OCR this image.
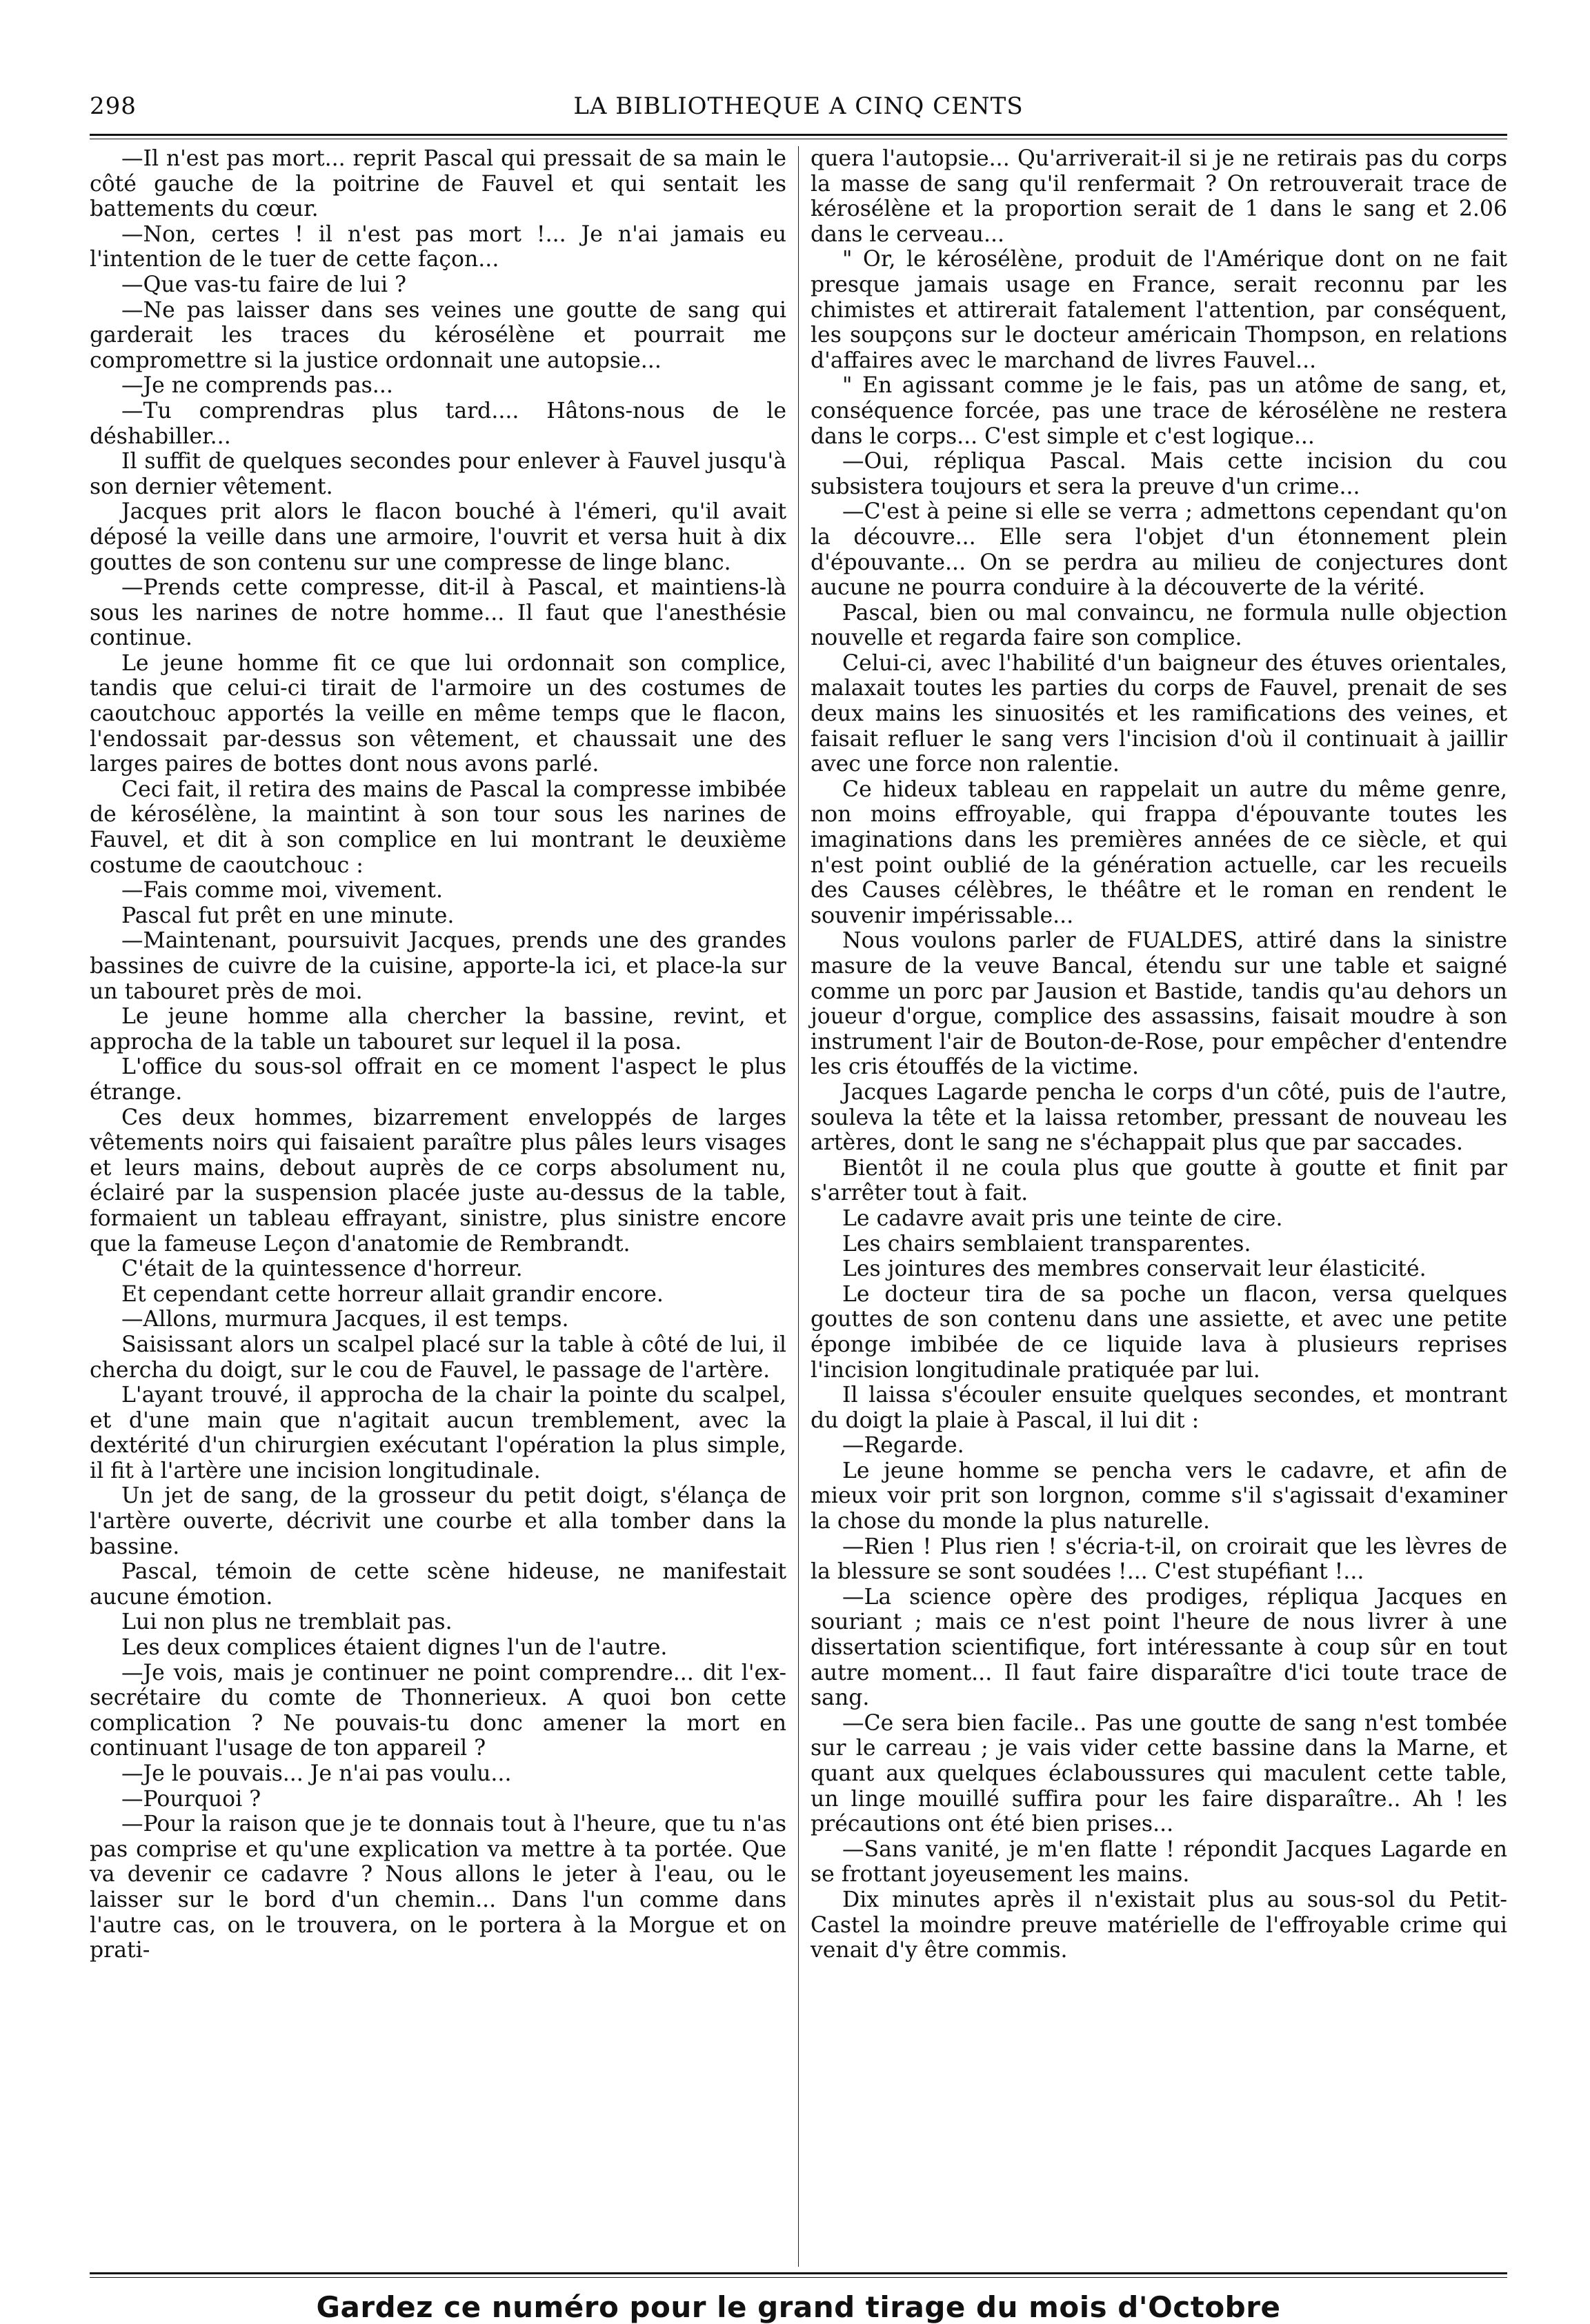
298	LA BIBLIOTHEQUE A CINQ CENTS

—Il n'est pas mort... reprit Pascal qui pressait de sa main le côté gauche de la poitrine de Fauvel et qui sentait les battements du cœur.

—Non, certes ! il n'est pas mort !... Je n'ai jamais eu l'intention de le tuer de cette façon...

—Que vas-tu faire de lui ?

—Ne pas laisser dans ses veines une goutte de sang qui garderait les traces du kérosélène et pourrait me compromettre si la justice ordonnait une autopsie...

—Je ne comprends pas...

—Tu comprendras plus tard.... Hâtons-nous de le déshabiller...

Il suffit de quelques secondes pour enlever à Fauvel jusqu'à son dernier vêtement.

Jacques prit alors le flacon bouché à l'émeri, qu'il avait déposé la veille dans une armoire, l'ouvrit et versa huit à dix gouttes de son contenu sur une compresse de linge blanc.

—Prends cette compresse, dit-il à Pascal, et maintiens-là sous les narines de notre homme... Il faut que l'anesthésie continue.

Le jeune homme fit ce que lui ordonnait son complice, tandis que celui-ci tirait de l'armoire un des costumes de caoutchouc apportés la veille en même temps que le flacon, l'endossait par-dessus son vêtement, et chaussait une des larges paires de bottes dont nous avons parlé.

Ceci fait, il retira des mains de Pascal la compresse imbibée de kérosélène, la maintint à son tour sous les narines de Fauvel, et dit à son complice en lui montrant le deuxième costume de caoutchouc :

—Fais comme moi, vivement.

Pascal fut prêt en une minute.

—Maintenant, poursuivit Jacques, prends une des grandes bassines de cuivre de la cuisine, apporte-la ici, et place-la sur un tabouret près de moi.

Le jeune homme alla chercher la bassine, revint, et approcha de la table un tabouret sur lequel il la posa.

L'office du sous-sol offrait en ce moment l'aspect le plus étrange.

Ces deux hommes, bizarrement enveloppés de larges vêtements noirs qui faisaient paraître plus pâles leurs visages et leurs mains, debout auprès de ce corps absolument nu, éclairé par la suspension placée juste au-dessus de la table, formaient un tableau effrayant, sinistre, plus sinistre encore que la fameuse Leçon d'anatomie de Rembrandt.

C'était de la quintessence d'horreur.

Et cependant cette horreur allait grandir encore.

—Allons, murmura Jacques, il est temps.

Saisissant alors un scalpel placé sur la table à côté de lui, il chercha du doigt, sur le cou de Fauvel, le passage de l'artère.

L'ayant trouvé, il approcha de la chair la pointe du scalpel, et d'une main que n'agitait aucun tremblement, avec la dextérité d'un chirurgien exécutant l'opération la plus simple, il fit à l'artère une incision longitudinale.

Un jet de sang, de la grosseur du petit doigt, s'élança de l'artère ouverte, décrivit une courbe et alla tomber dans la bassine.

Pascal, témoin de cette scène hideuse, ne manifestait aucune émotion.

Lui non plus ne tremblait pas.

Les deux complices étaient dignes l'un de l'autre.

—Je vois, mais je continuer ne point comprendre... dit l'ex-secrétaire du comte de Thonnerieux. A quoi bon cette complication ? Ne pouvais-tu donc amener la mort en continuant l'usage de ton appareil ?

—Je le pouvais... Je n'ai pas voulu...

—Pourquoi ?

—Pour la raison que je te donnais tout à l'heure, que tu n'as pas comprise et qu'une explication va mettre à ta portée. Que va devenir ce cadavre ? Nous allons le jeter à l'eau, ou le laisser sur le bord d'un chemin... Dans l'un comme dans l'autre cas, on le trouvera, on le portera à la Morgue et on prati-

quera l'autopsie... Qu'arriverait-il si je ne retirais pas du corps la masse de sang qu'il renfermait ? On retrouverait trace de kérosélène et la proportion serait de 1 dans le sang et 2.06 dans le cerveau...

" Or, le kérosélène, produit de l'Amérique dont on ne fait presque jamais usage en France, serait reconnu par les chimistes et attirerait fatalement l'attention, par conséquent, les soupçons sur le docteur américain Thompson, en relations d'affaires avec le marchand de livres Fauvel...

" En agissant comme je le fais, pas un atôme de sang, et, conséquence forcée, pas une trace de kérosélène ne restera dans le corps... C'est simple et c'est logique...

—Oui, répliqua Pascal. Mais cette incision du cou subsistera toujours et sera la preuve d'un crime...

—C'est à peine si elle se verra ; admettons cependant qu'on la découvre... Elle sera l'objet d'un étonnement plein d'épouvante... On se perdra au milieu de conjectures dont aucune ne pourra conduire à la découverte de la vérité.

Pascal, bien ou mal convaincu, ne formula nulle objection nouvelle et regarda faire son complice.

Celui-ci, avec l'habilité d'un baigneur des étuves orientales, malaxait toutes les parties du corps de Fauvel, prenait de ses deux mains les sinuosités et les ramifications des veines, et faisait refluer le sang vers l'incision d'où il continuait à jaillir avec une force non ralentie.

Ce hideux tableau en rappelait un autre du même genre, non moins effroyable, qui frappa d'épouvante toutes les imaginations dans les premières années de ce siècle, et qui n'est point oublié de la génération actuelle, car les recueils des Causes célèbres, le théâtre et le roman en rendent le souvenir impérissable...

Nous voulons parler de FUALDES, attiré dans la sinistre masure de la veuve Bancal, étendu sur une table et saigné comme un porc par Jausion et Bastide, tandis qu'au dehors un joueur d'orgue, complice des assassins, faisait moudre à son instrument l'air de Bouton-de-Rose, pour empêcher d'entendre les cris étouffés de la victime.

Jacques Lagarde pencha le corps d'un côté, puis de l'autre, souleva la tête et la laissa retomber, pressant de nouveau les artères, dont le sang ne s'échappait plus que par saccades.

Bientôt il ne coula plus que goutte à goutte et finit par s'arrêter tout à fait.

Le cadavre avait pris une teinte de cire.

Les chairs semblaient transparentes.

Les jointures des membres conservait leur élasticité.

Le docteur tira de sa poche un flacon, versa quelques gouttes de son contenu dans une assiette, et avec une petite éponge imbibée de ce liquide lava à plusieurs reprises l'incision longitudinale pratiquée par lui.

Il laissa s'écouler ensuite quelques secondes, et montrant du doigt la plaie à Pascal, il lui dit :

—Regarde.

Le jeune homme se pencha vers le cadavre, et afin de mieux voir prit son lorgnon, comme s'il s'agissait d'examiner la chose du monde la plus naturelle.

—Rien ! Plus rien ! s'écria-t-il, on croirait que les lèvres de la blessure se sont soudées !... C'est stupéfiant !...

—La science opère des prodiges, répliqua Jacques en souriant ; mais ce n'est point l'heure de nous livrer à une dissertation scientifique, fort intéressante à coup sûr en tout autre moment... Il faut faire disparaître d'ici toute trace de sang.

—Ce sera bien facile.. Pas une goutte de sang n'est tombée sur le carreau ; je vais vider cette bassine dans la Marne, et quant aux quelques éclaboussures qui maculent cette table, un linge mouillé suffira pour les faire disparaître.. Ah ! les précautions ont été bien prises...

—Sans vanité, je m'en flatte ! répondit Jacques Lagarde en se frottant joyeusement les mains.

Dix minutes après il n'existait plus au sous-sol du Petit-Castel la moindre preuve matérielle de l'effroyable crime qui venait d'y être commis.

Gardez ce numéro pour le grand tirage du mois d'Octobre
